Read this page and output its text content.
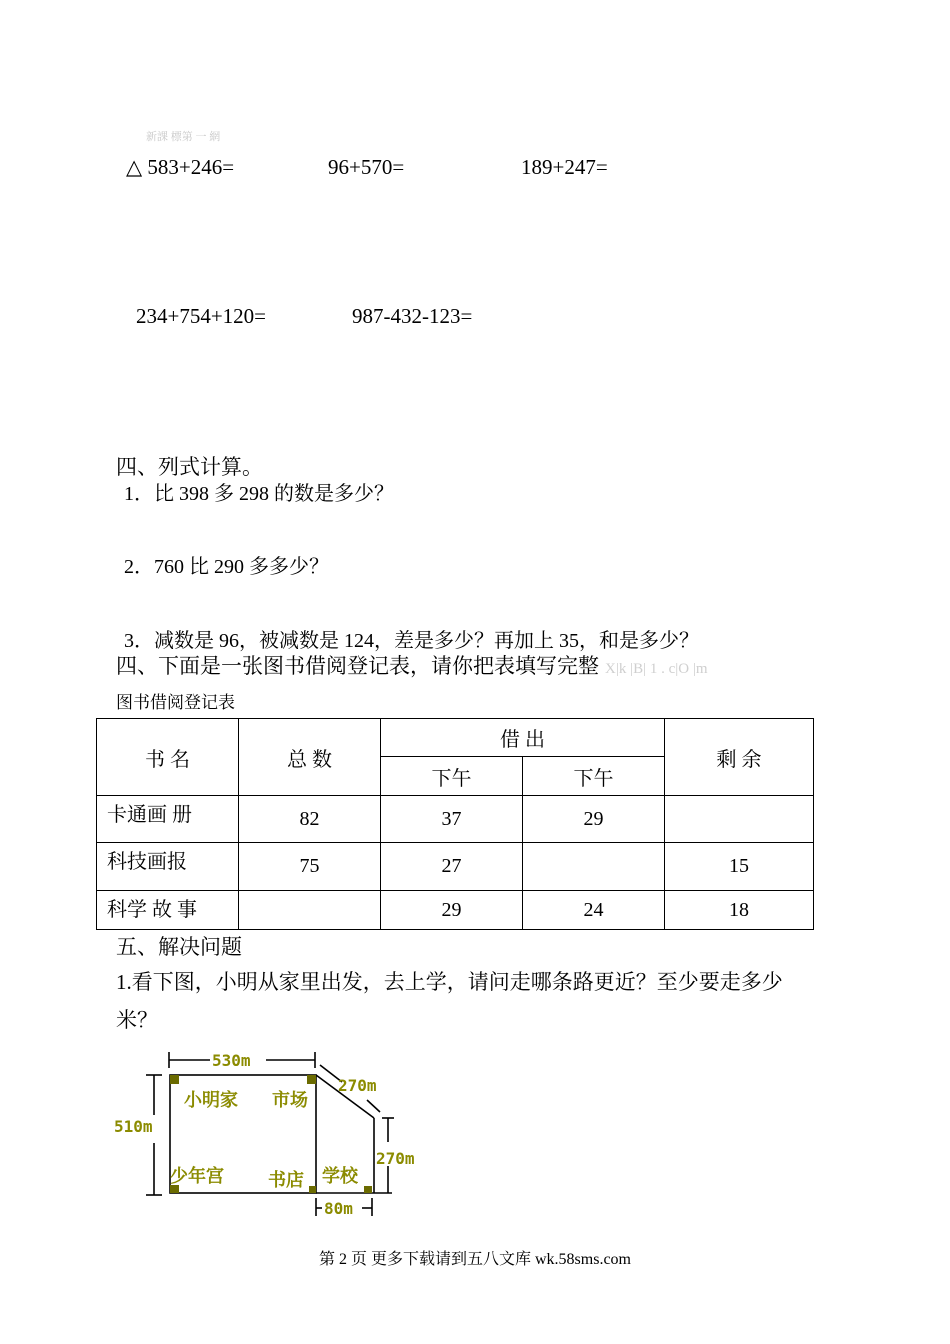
新課 標第 一 網
△ 583+246=	96+570=	189+247=
234+754+120=	987-432-123=
四、列式计算。
1．比 398 多 298 的数是多少？
2．760 比 290 多多少？
3．减数是 96，被减数是 124，差是多少？再加上 35，和是多少？
四、下面是一张图书借阅登记表，请你把表填写完整 X|k |B| 1 . c|O |m
图书借阅登记表
书 名	总 数	借 出		剩 余
		下午	下午	
卡通画 册	82	37	29	
科技画报	75	27		15
科学 故 事		29	24	18
五、解决问题
1.看下图，小明从家里出发，去上学，请问走哪条路更近？至少要走多少
米？
530m
270m
510m
270m
80m
小明家 市场
少年宫 书店 学校
第 2 页 更多下载请到五八文库 wk.58sms.com
